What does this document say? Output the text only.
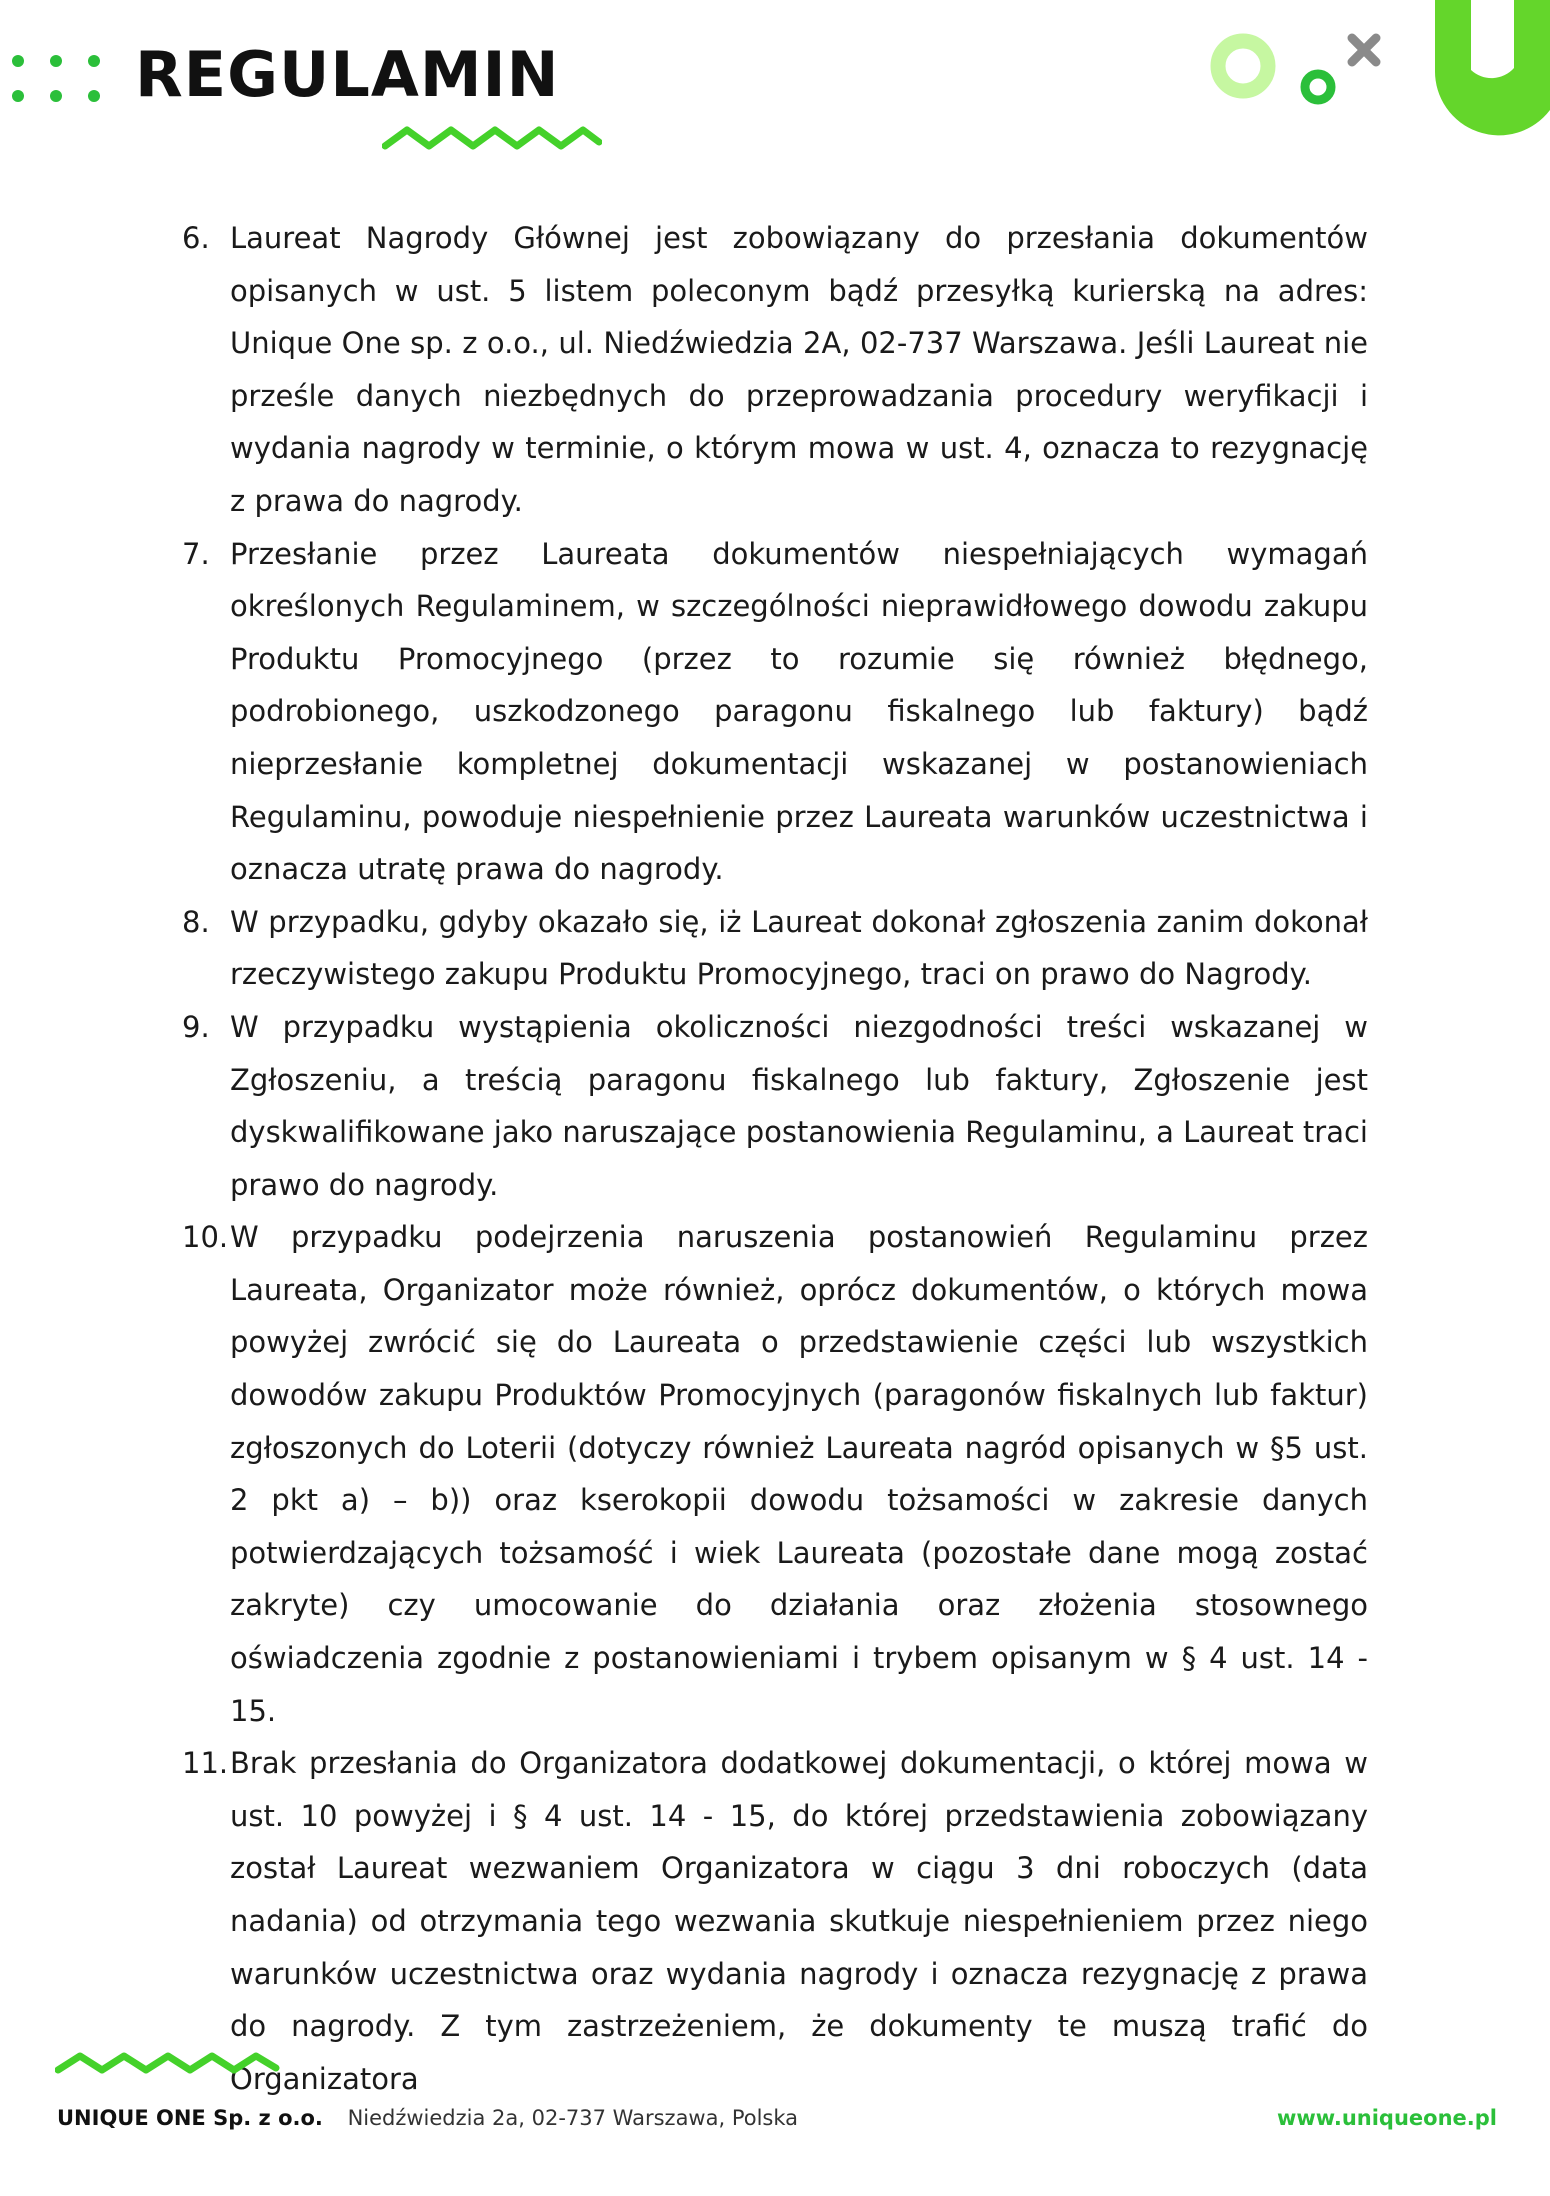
REGULAMIN
6. Laureat Nagrody Głównej jest zobowiązany do przesłania dokumentów opisanych w ust. 5 listem poleconym bądź przesyłką kurierską na adres: Unique One sp. z o.o., ul. Niedźwiedzia 2A, 02-737 Warszawa. Jeśli Laureat nie prześle danych niezbędnych do przeprowadzania procedury weryfikacji i wydania nagrody w terminie, o którym mowa w ust. 4, oznacza to rezygnację z prawa do nagrody.
7. Przesłanie przez Laureata dokumentów niespełniających wymagań określonych Regulaminem, w szczególności nieprawidłowego dowodu zakupu Produktu Promocyjnego (przez to rozumie się również błędnego, podrobionego, uszkodzonego paragonu fiskalnego lub faktury) bądź nieprzesłanie kompletnej dokumentacji wskazanej w postanowieniach Regulaminu, powoduje niespełnienie przez Laureata warunków uczestnictwa i oznacza utratę prawa do nagrody.
8. W przypadku, gdyby okazało się, iż Laureat dokonał zgłoszenia zanim dokonał rzeczywistego zakupu Produktu Promocyjnego, traci on prawo do Nagrody.
9. W przypadku wystąpienia okoliczności niezgodności treści wskazanej w Zgłoszeniu, a treścią paragonu fiskalnego lub faktury, Zgłoszenie jest dyskwalifikowane jako naruszające postanowienia Regulaminu, a Laureat traci prawo do nagrody.
10. W przypadku podejrzenia naruszenia postanowień Regulaminu przez Laureata, Organizator może również, oprócz dokumentów, o których mowa powyżej zwrócić się do Laureata o przedstawienie części lub wszystkich dowodów zakupu Produktów Promocyjnych (paragonów fiskalnych lub faktur) zgłoszonych do Loterii (dotyczy również Laureata nagród opisanych w §5 ust. 2 pkt a) – b)) oraz kserokopii dowodu tożsamości w zakresie danych potwierdzających tożsamość i wiek Laureata (pozostałe dane mogą zostać zakryte) czy umocowanie do działania oraz złożenia stosownego oświadczenia zgodnie z postanowieniami i trybem opisanym w § 4 ust. 14 - 15.
11. Brak przesłania do Organizatora dodatkowej dokumentacji, o której mowa w ust. 10 powyżej i § 4 ust. 14 - 15, do której przedstawienia zobowiązany został Laureat wezwaniem Organizatora w ciągu 3 dni roboczych (data nadania) od otrzymania tego wezwania skutkuje niespełnieniem przez niego warunków uczestnictwa oraz wydania nagrody i oznacza rezygnację z prawa do nagrody. Z tym zastrzeżeniem, że dokumenty te muszą trafić do Organizatora
UNIQUE ONE Sp. z o.o. Niedźwiedzia 2a, 02-737 Warszawa, Polska	www.uniqueone.pl
